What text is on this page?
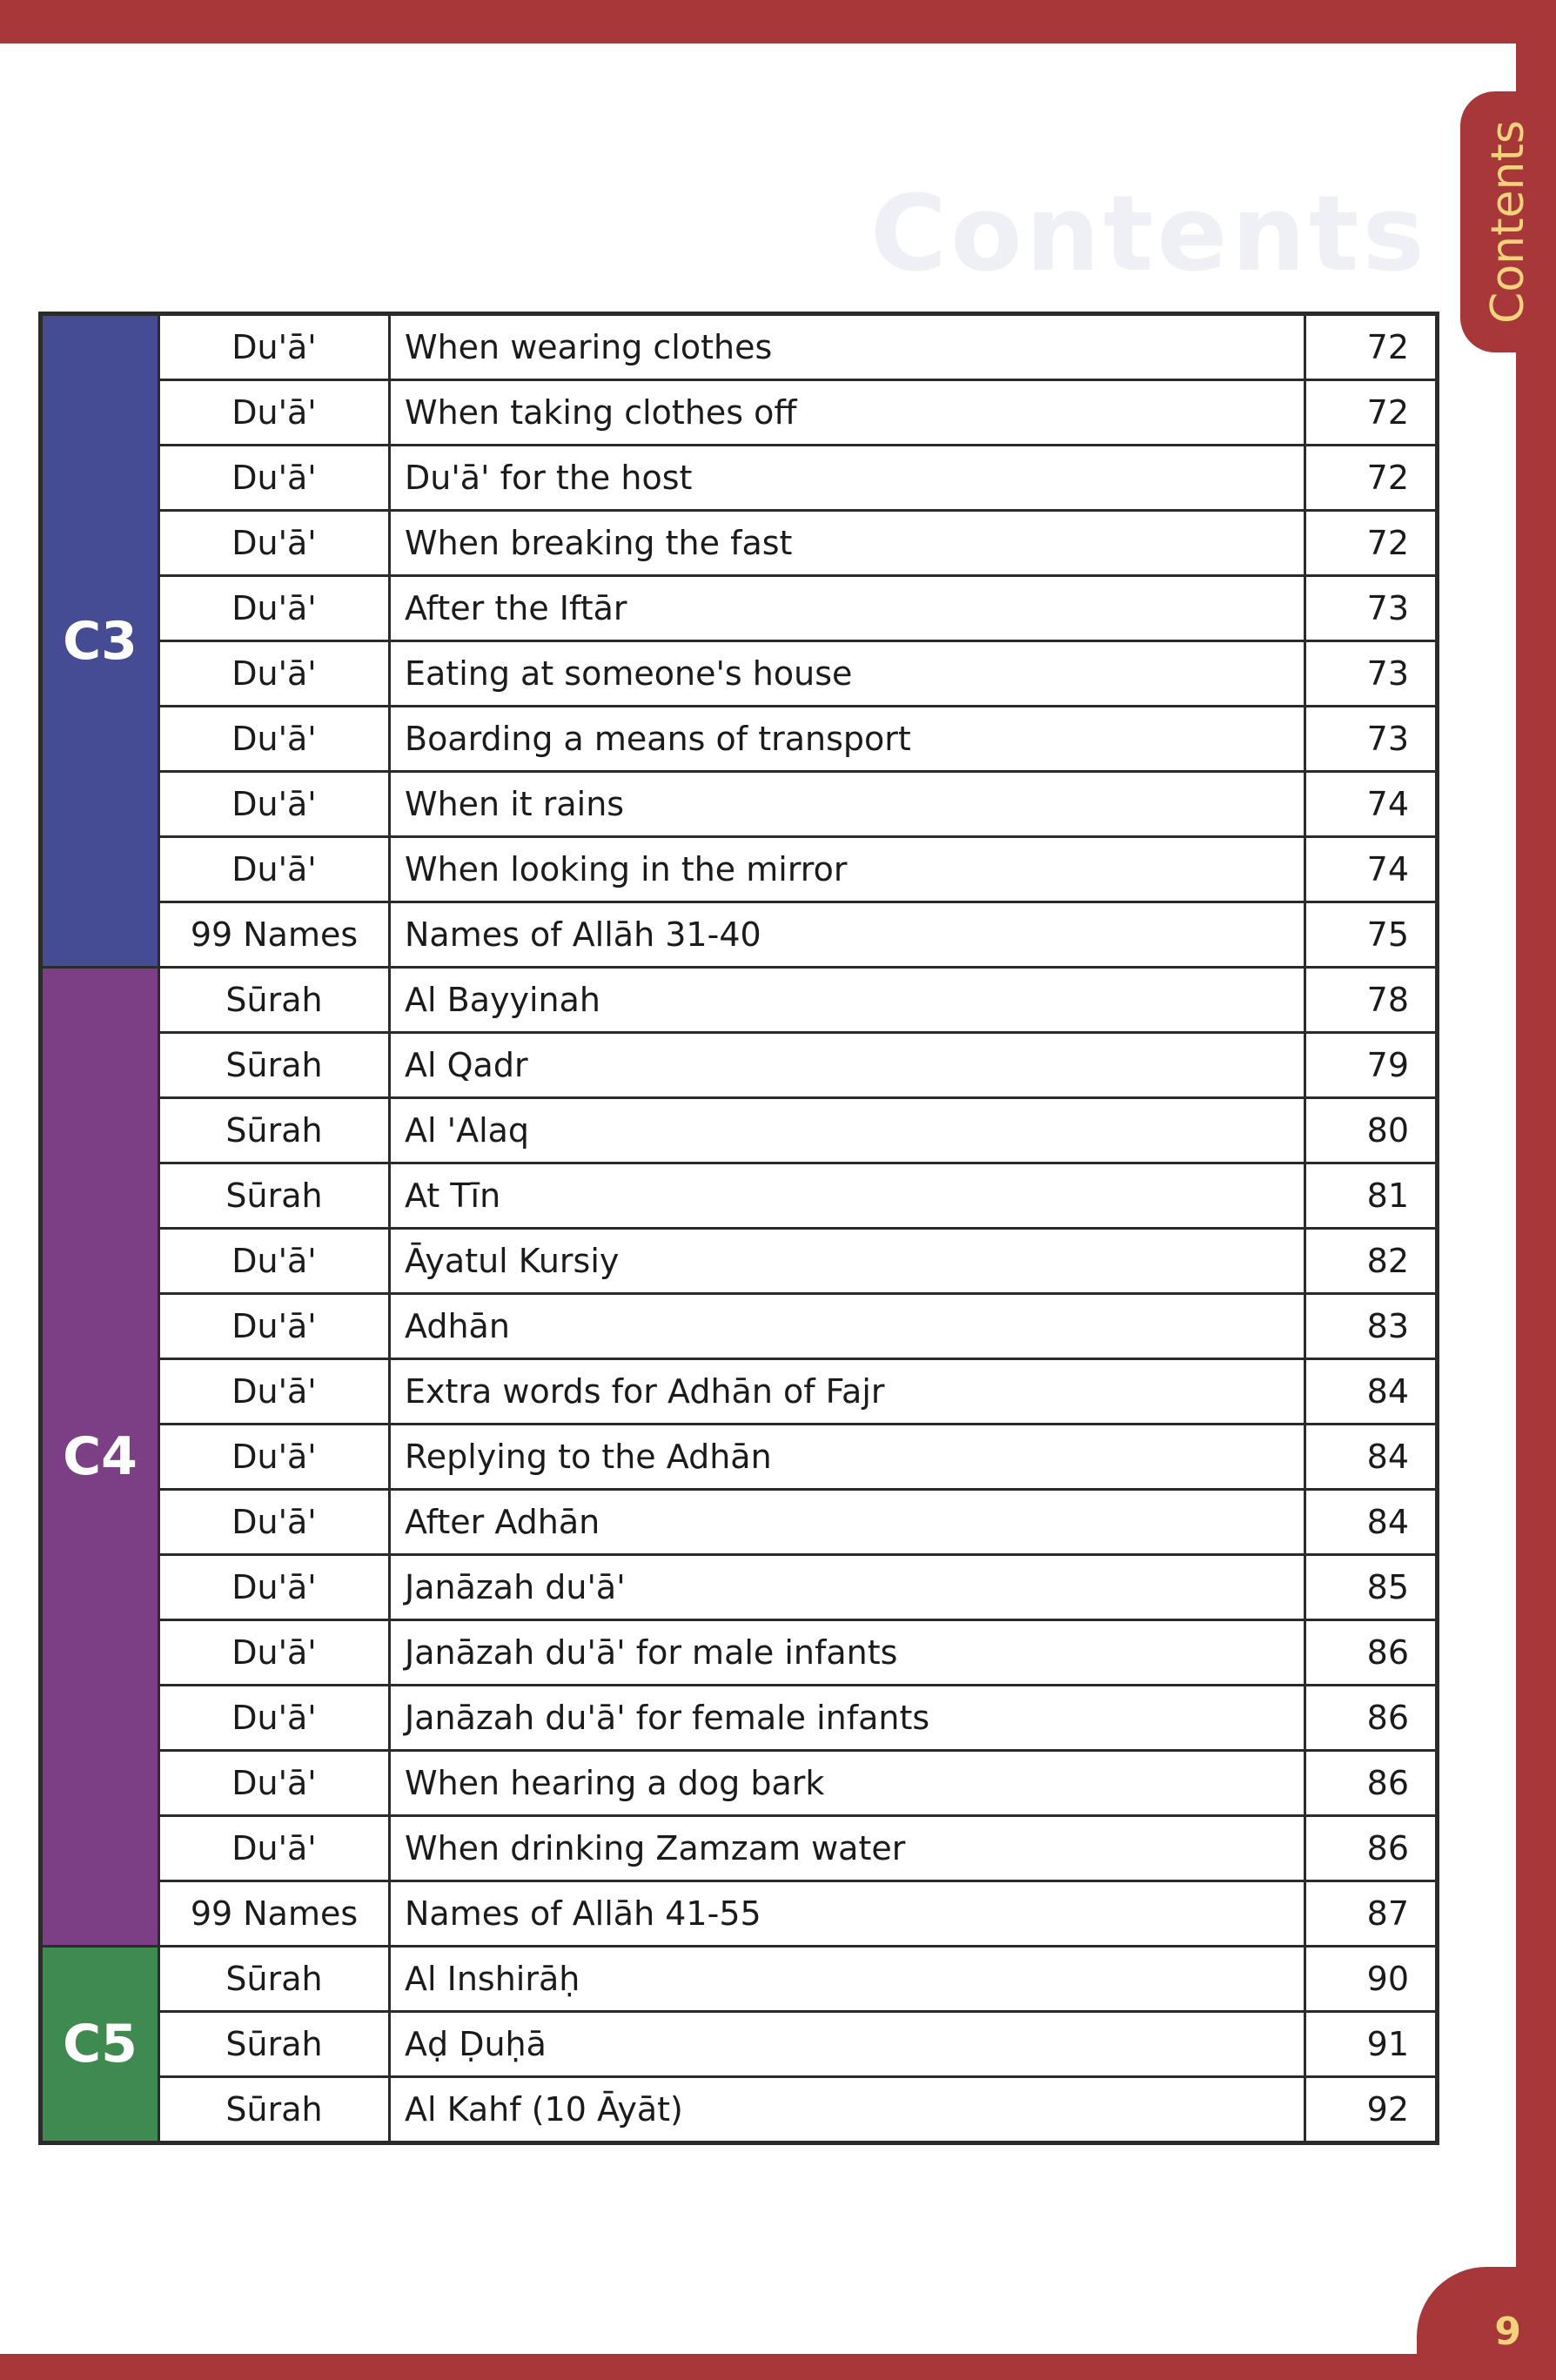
Contents Contents
C3	Du'ā'	When wearing clothes	72
	Du'ā'	When taking clothes off	72
	Du'ā'	Du'ā' for the host	72
	Du'ā'	When breaking the fast	72
	Du'ā'	After the Iftār	73
	Du'ā'	Eating at someone's house	73
	Du'ā'	Boarding a means of transport	73
	Du'ā'	When it rains	74
	Du'ā'	When looking in the mirror	74
	99 Names	Names of Allāh 31-40	75
C4	Sūrah	Al Bayyinah	78
	Sūrah	Al Qadr	79
	Sūrah	Al 'Alaq	80
	Sūrah	At Tīn	81
	Du'ā'	Āyatul Kursiy	82
	Du'ā'	Adhān	83
	Du'ā'	Extra words for Adhān of Fajr	84
	Du'ā'	Replying to the Adhān	84
	Du'ā'	After Adhān	84
	Du'ā'	Janāzah du'ā'	85
	Du'ā'	Janāzah du'ā' for male infants	86
	Du'ā'	Janāzah du'ā' for female infants	86
	Du'ā'	When hearing a dog bark	86
	Du'ā'	When drinking Zamzam water	86
	99 Names	Names of Allāh 41-55	87
C5	Sūrah	Al Inshirāḥ	90
	Sūrah	Aḍ Ḍuḥā	91
	Sūrah	Al Kahf (10 Āyāt)	92
9
